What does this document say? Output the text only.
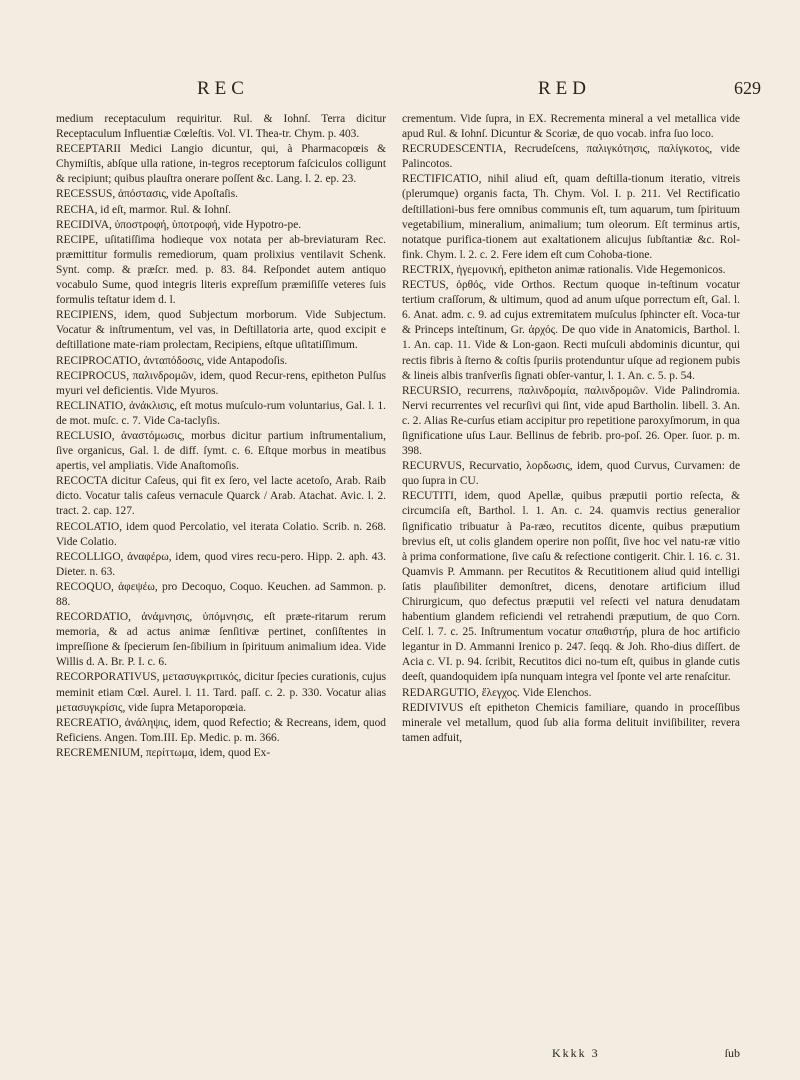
REC	RED	629

medium receptaculum requiritur. Rul. & Iohnſ. Terra dicitur Receptaculum Influentiæ Cœleſtis. Vol. VI. Thea-tr. Chym. p. 403.

RECEPTARII Medici Langio dicuntur, qui, à Pharmacopœis & Chymiſtis, abſque ulla ratione, in-tegros receptorum faſciculos colligunt & recipiunt; quibus plauſtra onerare poſſent &c. Lang. l. 2. ep. 23.

RECESSUS, ἀπόστασις, vide Apoſtaſis.

RECHA, id eſt, marmor. Rul. & Iohnſ.

RECIDIVA, ὑποστροφή, ὑποτροφή, vide Hypotro-pe.

RECIPE, uſitatiſſima hodieque vox notata per ab-breviaturam Rec. præmittitur formulis remediorum, quam prolixius ventilavit Schenk. Synt. comp. & præſcr. med. p. 83. 84. Reſpondet autem antiquo vocabulo Sume, quod integris literis expreſſum præmiſiſſe veteres ſuis formulis teſtatur idem d. l.

RECIPIENS, idem, quod Subjectum morborum. Vide Subjectum. Vocatur & inſtrumentum, vel vas, in Deſtillatoria arte, quod excipit e deſtillatione mate-riam prolectam, Recipiens, eſtque uſitatiſſimum.

RECIPROCATIO, ἀνταπόδοσις, vide Antapodoſis.

RECIPROCUS, παλινδρομῶν, idem, quod Recur-rens, epitheton Pulſus myuri vel deficientis. Vide Myuros.

RECLINATIO, ἀνάκλισις, eſt motus muſculo-rum voluntarius, Gal. l. 1. de mot. muſc. c. 7. Vide Ca-taclyſis.

RECLUSIO, ἀναστόμωσις, morbus dicitur partium inſtrumentalium, ſive organicus, Gal. l. de diff. ſymt. c. 6. Eſtque morbus in meatibus apertis, vel ampliatis. Vide Anaſtomoſis.

RECOCTA dicitur Caſeus, qui fit ex ſero, vel lacte acetoſo, Arab. Raib dicto. Vocatur talis caſeus vernacule Quarck / Arab. Atachat. Avic. l. 2. tract. 2. cap. 127.

RECOLATIO, idem quod Percolatio, vel iterata Colatio. Scrib. n. 268. Vide Colatio.

RECOLLIGO, ἀναφέρω, idem, quod vires recu-pero. Hipp. 2. aph. 43. Dieter. n. 63.

RECOQUO, ἀφεψέω, pro Decoquo, Coquo. Keuchen. ad Sammon. p. 88.

RECORDATIO, ἀνάμνησις, ὑπόμνησις, eſt præte-ritarum rerum memoria, & ad actus animæ ſenſitivæ pertinet, conſiſtentes in impreſſione & ſpecierum ſen-ſibilium in ſpirituum animalium idea. Vide Willis d. A. Br. P. I. c. 6.

RECORPORATIVUS, μετασυγκριτικός, dicitur ſpecies curationis, cujus meminit etiam Cœl. Aurel. l. 11. Tard. paſſ. c. 2. p. 330. Vocatur alias μετασυγκρίσις, vide ſupra Metaporopœia.

RECREATIO, ἀνάληψις, idem, quod Refectio; & Recreans, idem, quod Reficiens. Angen. Tom.III. Ep. Medic. p. m. 366.

RECREMENIUM, περίττωμα, idem, quod Ex-

crementum. Vide ſupra, in EX. Recrementa mineral a vel metallica vide apud Rul. & Iohnſ. Dicuntur & Scoriæ, de quo vocab. infra ſuo loco.

RECRUDESCENTIA, Recrudeſcens, παλιγκότησις, παλίγκοτος, vide Palincotos.

RECTIFICATIO, nihil aliud eſt, quam deſtilla-tionum iteratio, vitreis (plerumque) organis facta, Th. Chym. Vol. I. p. 211. Vel Rectificatio deſtillationi-bus fere omnibus communis eſt, tum aquarum, tum ſpirituum vegetabilium, mineralium, animalium; tum oleorum. Eſt terminus artis, notatque purifica-tionem aut exaltationem alicujus ſubſtantiæ &c. Rol-fink. Chym. l. 2. c. 2. Fere idem eſt cum Cohoba-tione.

RECTRIX, ἡγεμονική, epitheton animæ rationalis. Vide Hegemonicos.

RECTUS, ὀρθός, vide Orthos. Rectum quoque in-teſtinum vocatur tertium craſſorum, & ultimum, quod ad anum uſque porrectum eſt, Gal. l. 6. Anat. adm. c. 9. ad cujus extremitatem muſculus ſphincter eſt. Voca-tur & Princeps inteſtinum, Gr. ἀρχός. De quo vide in Anatomicis, Barthol. l. 1. An. cap. 11. Vide & Lon-gaon. Recti muſculi abdominis dicuntur, qui rectis fibris à ſterno & coſtis ſpuriis protenduntur uſque ad regionem pubis & lineis albis tranſverſis ſignati obſer-vantur, l. 1. An. c. 5. p. 54.

RECURSIO, recurrens, παλινδρομία, παλινδρομῶν. Vide Palindromia. Nervi recurrentes vel recurſivi qui ſint, vide apud Bartholin. libell. 3. An. c. 2. Alias Re-curſus etiam accipitur pro repetitione paroxyſmorum, in qua ſignificatione uſus Laur. Bellinus de febrib. pro-poſ. 26. Oper. ſuor. p. m. 398.

RECURVUS, Recurvatio, λορδωσις, idem, quod Curvus, Curvamen: de quo ſupra in CU.

RECUTITI, idem, quod Apellæ, quibus præputii portio reſecta, & circumciſa eſt, Barthol. l. 1. An. c. 24. quamvis rectius generalior ſignificatio tribuatur à Pa-ræo, recutitos dicente, quibus præputium brevius eſt, ut colis glandem operire non poſſit, ſive hoc vel natu-ræ vitio à prima conformatione, ſive caſu & reſectione contigerit. Chir. l. 16. c. 31. Quamvis P. Ammann. per Recutitos & Recutitionem aliud quid intelligi ſatis plauſibiliter demonſtret, dicens, denotare artificium illud Chirurgicum, quo defectus præputii vel reſecti vel natura denudatam habentium glandem reficiendi vel retrahendi præputium, de quo Corn. Celſ. l. 7. c. 25. Inſtrumentum vocatur σπαθιστήρ, plura de hoc artificio legantur in D. Ammanni Irenico p. 247. ſeqq. & Joh. Rho-dius diſſert. de Acia c. VI. p. 94. ſcribit, Recutitos dici no-tum eſt, quibus in glande cutis deeſt, quandoquidem ipſa nunquam integra vel ſponte vel arte renaſcitur.

REDARGUTIO, ἔλεγχος. Vide Elenchos.

REDIVIVUS eſt epitheton Chemicis familiare, quando in proceſſibus minerale vel metallum, quod ſub alia forma delituit inviſibiliter, revera tamen adfuit,

Kkkk 3	ſub
